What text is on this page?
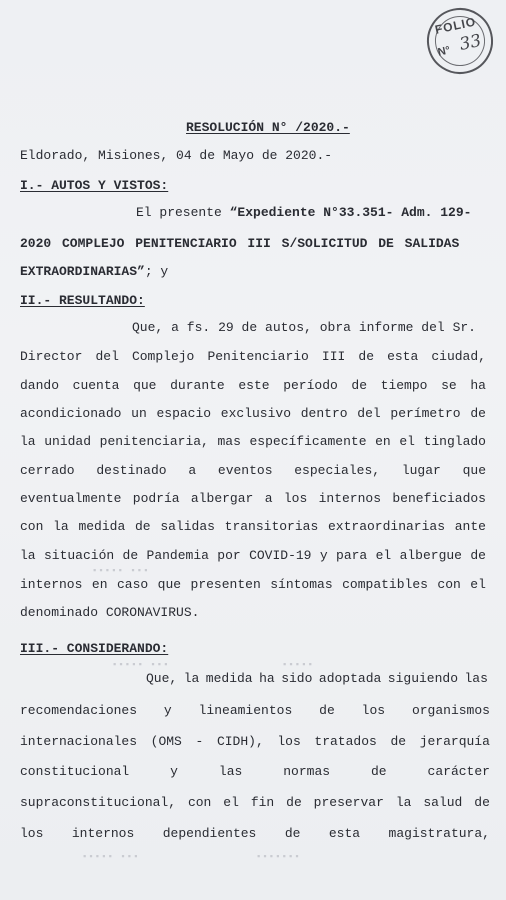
FOLIO
N° 33
RESOLUCIÓN N° /2020.-
Eldorado, Misiones, 04 de Mayo de 2020.-
I.- AUTOS Y VISTOS:
El presente “Expediente N°33.351- Adm. 129-
2020 COMPLEJO PENITENCIARIO III S/SOLICITUD DE SALIDAS
EXTRAORDINARIAS”; y
II.- RESULTANDO:
Que, a fs. 29 de autos, obra informe del Sr.
Director del Complejo Penitenciario III de esta ciudad,
dando cuenta que durante este período de tiempo se ha
acondicionado un espacio exclusivo dentro del perímetro de
la unidad penitenciaria, mas específicamente en el tinglado
cerrado destinado a eventos especiales, lugar que
eventualmente podría albergar a los internos beneficiados
con la medida de salidas transitorias extraordinarias ante
la situación de Pandemia por COVID-19 y para el albergue de
internos en caso que presenten síntomas compatibles con el
denominado CORONAVIRUS.
III.- CONSIDERANDO:
Que, la medida ha sido adoptada siguiendo las
recomendaciones y lineamientos de los organismos
internacionales (OMS - CIDH), los tratados de jerarquía
constitucional	y	las	normas	de	carácter
supraconstitucional, con el fin de preservar la salud de
los internos dependientes de esta magistratura,
▪▪▪▪▪ ▪▪▪
▪▪▪▪▪ ▪▪▪	▪▪▪▪▪
▪▪▪▪▪ ▪▪▪	▪▪▪▪▪▪▪
